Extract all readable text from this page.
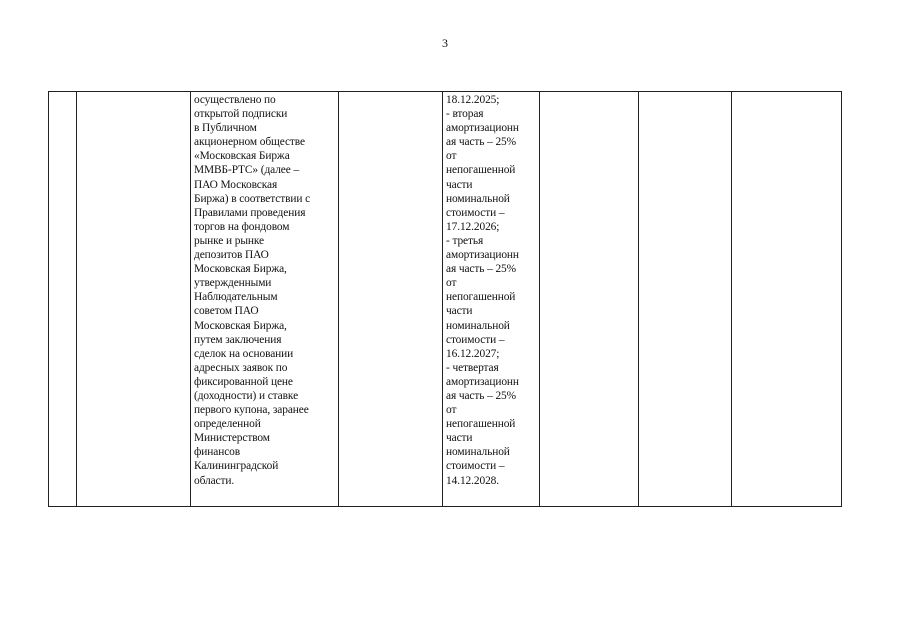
3

осуществлено по
открытой подписки
в Публичном
акционерном обществе
«Московская Биржа
ММВБ-РТС» (далее –
ПАО Московская
Биржа) в соответствии с
Правилами проведения
торгов на фондовом
рынке и рынке
депозитов ПАО
Московская Биржа,
утвержденными
Наблюдательным
советом ПАО
Московская Биржа,
путем заключения
сделок на основании
адресных заявок по
фиксированной цене
(доходности) и ставке
первого купона, заранее
определенной
Министерством
финансов
Калининградской
области.

18.12.2025;
- вторая
амортизационн
ая часть – 25%
от
непогашенной
части
номинальной
стоимости –
17.12.2026;
- третья
амортизационн
ая часть – 25%
от
непогашенной
части
номинальной
стоимости –
16.12.2027;
- четвертая
амортизационн
ая часть – 25%
от
непогашенной
части
номинальной
стоимости –
14.12.2028.
